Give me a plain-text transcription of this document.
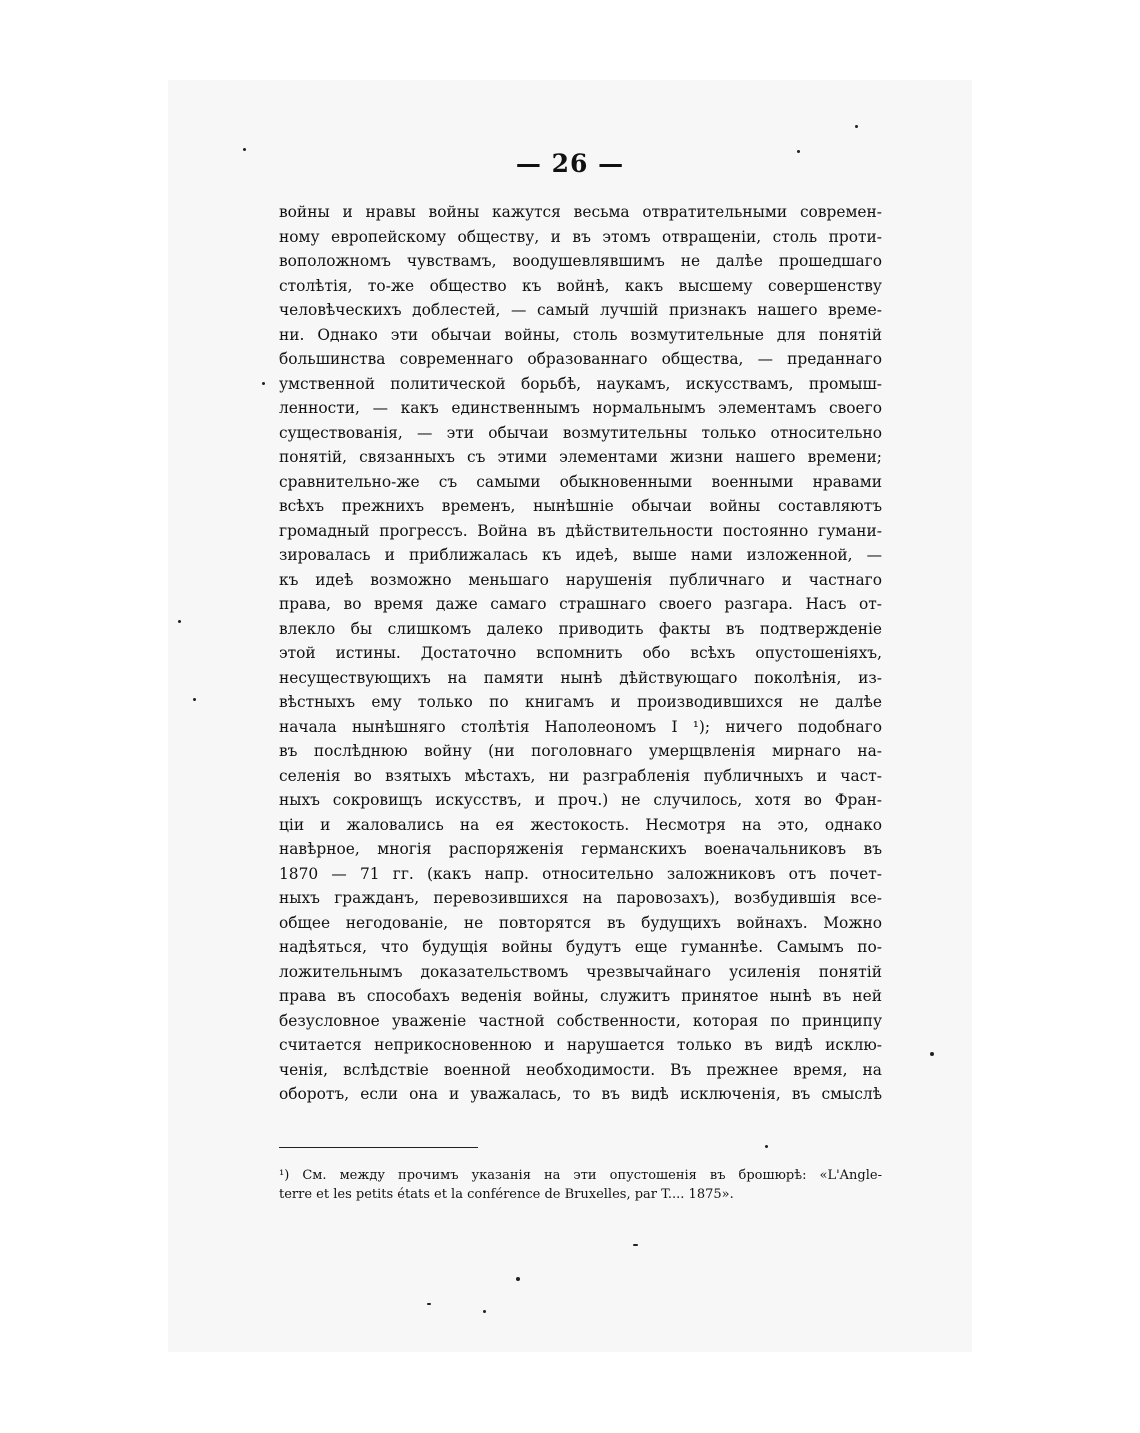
— 26 —
войны и нравы войны кажутся весьма отвратительными современ-
ному европейскому обществу, и въ этомъ отвращеніи, столь проти-
воположномъ чувствамъ, воодушевлявшимъ не далѣе прошедшаго
столѣтія, то-же общество къ войнѣ, какъ высшему совершенству
человѣческихъ доблестей, — самый лучшій признакъ нашего време-
ни. Однако эти обычаи войны, столь возмутительные для понятій
большинства современнаго образованнаго общества, — преданнаго
умственной политической борьбѣ, наукамъ, искусствамъ, промыш-
ленности, — какъ единственнымъ нормальнымъ элементамъ своего
существованія, — эти обычаи возмутительны только относительно
понятій, связанныхъ съ этими элементами жизни нашего времени;
сравнительно-же съ самыми обыкновенными военными нравами
всѣхъ прежнихъ временъ, нынѣшніе обычаи войны составляютъ
громадный прогрессъ. Война въ дѣйствительности постоянно гумани-
зировалась и приближалась къ идеѣ, выше нами изложенной, —
къ идеѣ возможно меньшаго нарушенія публичнаго и частнаго
права, во время даже самаго страшнаго своего разгара. Насъ от-
влекло бы слишкомъ далеко приводить факты въ подтвержденіе
этой истины. Достаточно вспомнить обо всѣхъ опустошеніяхъ,
несуществующихъ на памяти нынѣ дѣйствующаго поколѣнія, из-
вѣстныхъ ему только по книгамъ и производившихся не далѣе
начала нынѣшняго столѣтія Наполеономъ I ¹); ничего подобнаго
въ послѣднюю войну (ни поголовнаго умерщвленія мирнаго на-
селенія во взятыхъ мѣстахъ, ни разграбленія публичныхъ и част-
ныхъ сокровищъ искусствъ, и проч.) не случилось, хотя во Фран-
ціи и жаловались на ея жестокость. Несмотря на это, однако
навѣрное, многія распоряженія германскихъ военачальниковъ въ
1870 — 71 гг. (какъ напр. относительно заложниковъ отъ почет-
ныхъ гражданъ, перевозившихся на паровозахъ), возбудившія все-
общее негодованіе, не повторятся въ будущихъ войнахъ. Можно
надѣяться, что будущія войны будутъ еще гуманнѣе. Самымъ по-
ложительнымъ доказательствомъ чрезвычайнаго усиленія понятій
права въ способахъ веденія войны, служитъ принятое нынѣ въ ней
безусловное уваженіе частной собственности, которая по принципу
считается неприкосновенною и нарушается только въ видѣ исклю-
ченія, вслѣдствіе военной необходимости. Въ прежнее время, на
оборотъ, если она и уважалась, то въ видѣ исключенія, въ смыслѣ
¹) См. между прочимъ указанія на эти опустошенія въ брошюрѣ: «L'Angle-
terre et les petits états et la conférence de Bruxelles, par T.... 1875».
